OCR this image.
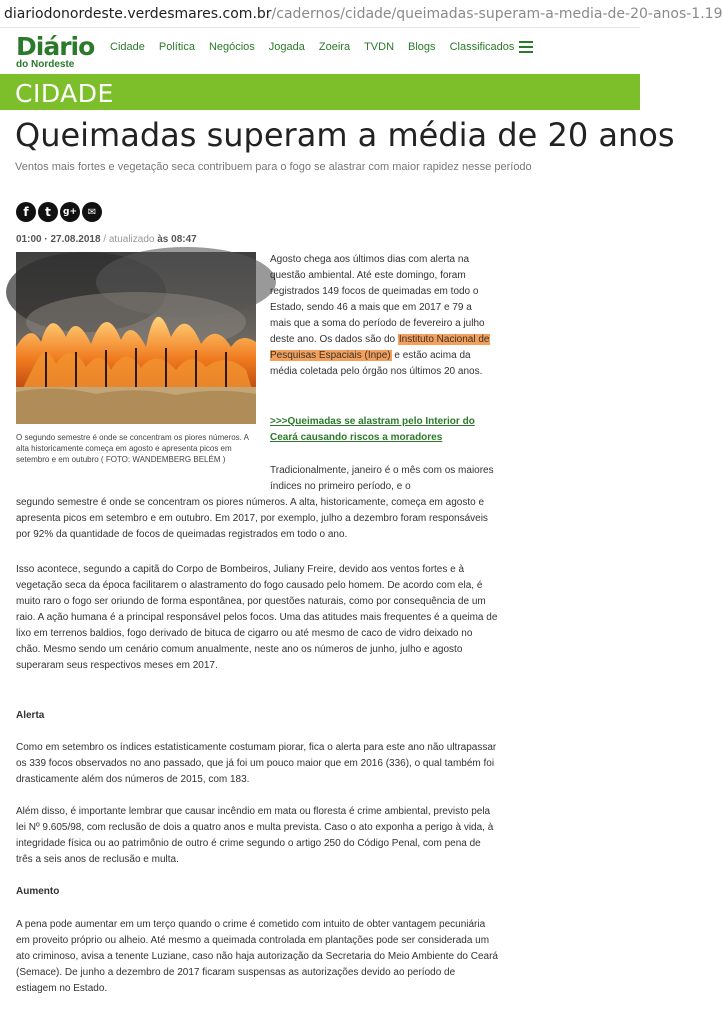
diariodonordeste.verdesmares.com.br/cadernos/cidade/queimadas-superam-a-media-de-20-anos-1.19
Diário
do Nordeste
Cidade Política Negócios Jogada Zoeira TVDN Blogs Classificados
CIDADE
Queimadas superam a média de 20 anos
Ventos mais fortes e vegetação seca contribuem para o fogo se alastrar com maior rapidez nesse período
f	t	g+	✉
01:00 · 27.08.2018 / atualizado às 08:47
O segundo semestre é onde se concentram os piores números. A alta historicamente começa em agosto e apresenta picos em setembro e em outubro ( FOTO: WANDEMBERG BELÉM )
Agosto chega aos últimos dias com alerta na questão ambiental. Até este domingo, foram registrados 149 focos de queimadas em todo o Estado, sendo 46 a mais que em 2017 e 79 a mais que a soma do período de fevereiro a julho deste ano. Os dados são do Instituto Nacional de Pesquisas Espaciais (Inpe) e estão acima da média coletada pelo órgão nos últimos 20 anos.
>>>Queimadas se alastram pelo Interior do Ceará causando riscos a moradores
Tradicionalmente, janeiro é o mês com os maiores índices no primeiro período, e o
segundo semestre é onde se concentram os piores números. A alta, historicamente, começa em agosto e apresenta picos em setembro e em outubro. Em 2017, por exemplo, julho a dezembro foram responsáveis por 92% da quantidade de focos de queimadas registrados em todo o ano.
Isso acontece, segundo a capitã do Corpo de Bombeiros, Juliany Freire, devido aos ventos fortes e à vegetação seca da época facilitarem o alastramento do fogo causado pelo homem. De acordo com ela, é muito raro o fogo ser oriundo de forma espontânea, por questões naturais, como por consequência de um raio. A ação humana é a principal responsável pelos focos. Uma das atitudes mais frequentes é a queima de lixo em terrenos baldios, fogo derivado de bituca de cigarro ou até mesmo de caco de vidro deixado no chão. Mesmo sendo um cenário comum anualmente, neste ano os números de junho, julho e agosto superaram seus respectivos meses em 2017.
Alerta
Como em setembro os índices estatisticamente costumam piorar, fica o alerta para este ano não ultrapassar os 339 focos observados no ano passado, que já foi um pouco maior que em 2016 (336), o qual também foi drasticamente além dos números de 2015, com 183.
Além disso, é importante lembrar que causar incêndio em mata ou floresta é crime ambiental, previsto pela lei Nº 9.605/98, com reclusão de dois a quatro anos e multa prevista. Caso o ato exponha a perigo à vida, à integridade física ou ao patrimônio de outro é crime segundo o artigo 250 do Código Penal, com pena de três a seis anos de reclusão e multa.
Aumento
A pena pode aumentar em um terço quando o crime é cometido com intuito de obter vantagem pecuniária em proveito próprio ou alheio. Até mesmo a queimada controlada em plantações pode ser considerada um ato criminoso, avisa a tenente Luziane, caso não haja autorização da Secretaria do Meio Ambiente do Ceará (Semace). De junho a dezembro de 2017 ficaram suspensas as autorizações devido ao período de estiagem no Estado.
